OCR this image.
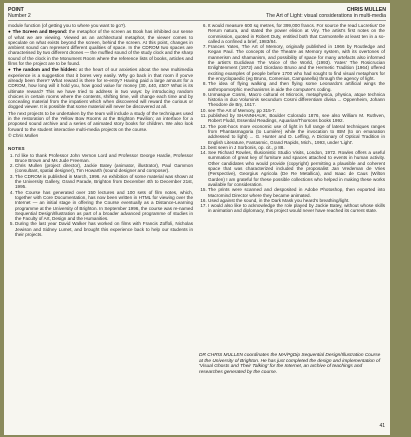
POINT
Number 2
CHRIS MULLEN
The Art of Light: visual considerations in multi-media

module function (of getting you to where you want to go?).

● The Screen and Beyond: the metaphor of the screen as Book has inhibited our sense of what we are viewing. Viewed as an architectural metaphor, the viewer comes to speculate on what exists beyond the screen, behind the screen. At this point, changes in ambient sound can represent different qualities of space. In the CDROM two spaces are characterised by two different drones — the muffled sound of the study clock and the sharp sound of the clock in the Monument Room where the reference lists of books, articles and films for the project are to be found.

● The random and the hidden: at the heart of our anxieties about the new multimedia experience is a suggestion that it bores very easily. Why go back in that room if you've already been there? What reward is there for re-entry? Having paid a large amount for a CDROM, how long will it hold you, how good value for money (30, £40, £50? What is its ultimate reward? This we have tried to address in two ways: by introducing random choices in certain rooms where the contents, shifting time, will change each time and by concealing material from the impatient which when discovered will reward the curious or dogged viewer. It is possible that some material will never be discovered at all.

The next projects to be undertaken by the team will include a study of the techniques used in the restoration of the Yellow Bow Rooms at the Brighton Pavilion; an interface for a proposed sound archive and a series of animated story books for children. We also look forward to the student interactive multi-media projects on the course.

© Chris Mullen

NOTES
1. I'd like to thank Professor John Vernon Lord and Professor George Hardie, Professor Bruce Brown and Ms Jude Freeman.
2. Chris Mullen (project director), Jackie Batey (animator, illustrator), Paul Gammon (consultant, spatial designer), Tim Howarth (sound designer and composer).
3. The CDROM is published in March, 1996. An exhibition of some material was shown at the University Gallery, Grand Parade, Brighton from December 4th to December 21st, 1995.
4. The Course has generated over 150 lectures and 100 sets of film notes, which, together with Core Documentation, has now been written in HTML for viewing over the Internet — an initial stage in offering the Course eventually as a Distance-Learning programme at the University of Brighton. In September 1996, the course was re-named Sequential Design/Illustration as part of a broader advanced programme of studies in the Faculty of Art, Design and the Humanities.
5. During the last year David Walker has worked on films with Francis Zoffoli, Nicholas Jewison and Sidney Lumet, and brought this experience back to help our students in their projects.
6. It would measure 600 sq metres, for 399,000 francs. For source the read Lucretius' De Rerum natura, and stated the power elision at Viry. The artist's first notes on the commission, quoted in Robert Duty, entitled both that Carmontelle at least ten in a so-called a confined a brief, 1983/84.
7. Frances Yates, The Art of Memory, originally published in 1966 by Routledge and Kegan Paul. The concepts of the Theatre as Memory system, with its overtones of mannerism and shamanism, and possibility of space for many artefacts also informed the artist's Euclidean The Voice of the World, (1993). Yates' The Rosicrucian Enlightenment (1972) and Giordano Bruno and the Hermetic Tradition (1964) offered exciting examples of people before 1700 who had sought to find visual metaphors for the encyclopaedic (eg Bruno, Comenius, Campanella) through the agency of light.
8. The idea of flying walking and then flying some Leonardo's artificial wings the anthropomorphic mechanisms in aide the computer's coding.
9. Unmasque Cosmi, Macro cultural et Microcis, metaphysica, physica, atque technica historia in duo Voluminis secundum Cosmi differentiam divisa ... Oppenheim, Johann Theodore de Bry, 1617.
10. see The Art of Memory, pp 315-7.
11. published by SHANNHAUK, Boulder Colorado 1876, see also William M. Ruthven, Robert Fludd, Essential Readings, Aquarian/Thorsons books 1992.
12. The post-hocs more economic use of light in full range of lateral techniques ranges from Phantasmagoria (to Lumière) while the invocation to IBM (to on emanation addressed to light) ... G. Hunter and D. Leffing, A Dictionary of Optical Tradition in English Literature, Fantasmic, Grand Rapids, Mich., 1993, under 'Light'.
13. best seen in J Sorbonis, op. cit., p 88.
14. See Richard Rowles, Illusionistic Studio Visits, London, 1972. Rowles offers a useful summation of great key of furniture and spaces attached to events in human activity. Other candidates who would provide (copyright) permitting a plausible and coherent space that was characterized included the proposalist Jan Vredeman de Vries (Perspective), Georgius Agricola (De Re Metallica), and Isaac de Caus (Wilton Garden) I am grateful for these possible collections who helped in making these works available for consideration.
15. The prints were scanned and desposited in Adobe Photoshop, then exported into Macromind Director where they became animated.
16. Used against the sound, in the Dark Mask you heard's breathing/light.
17. I would also like to acknowledge the role played by Jackie Batey, without whose skills in animation and diplomacy, this project would never have reached its current state.
DR CHRIS MULLEN coordinates the MA/PgDip Sequential Design/Illustration Course at the University of Brighton. He has just completed the design and implementation of 'Visual Ghosts and Their Talking' for the Internet, an archive of teachings and researches generated by the course.
41
